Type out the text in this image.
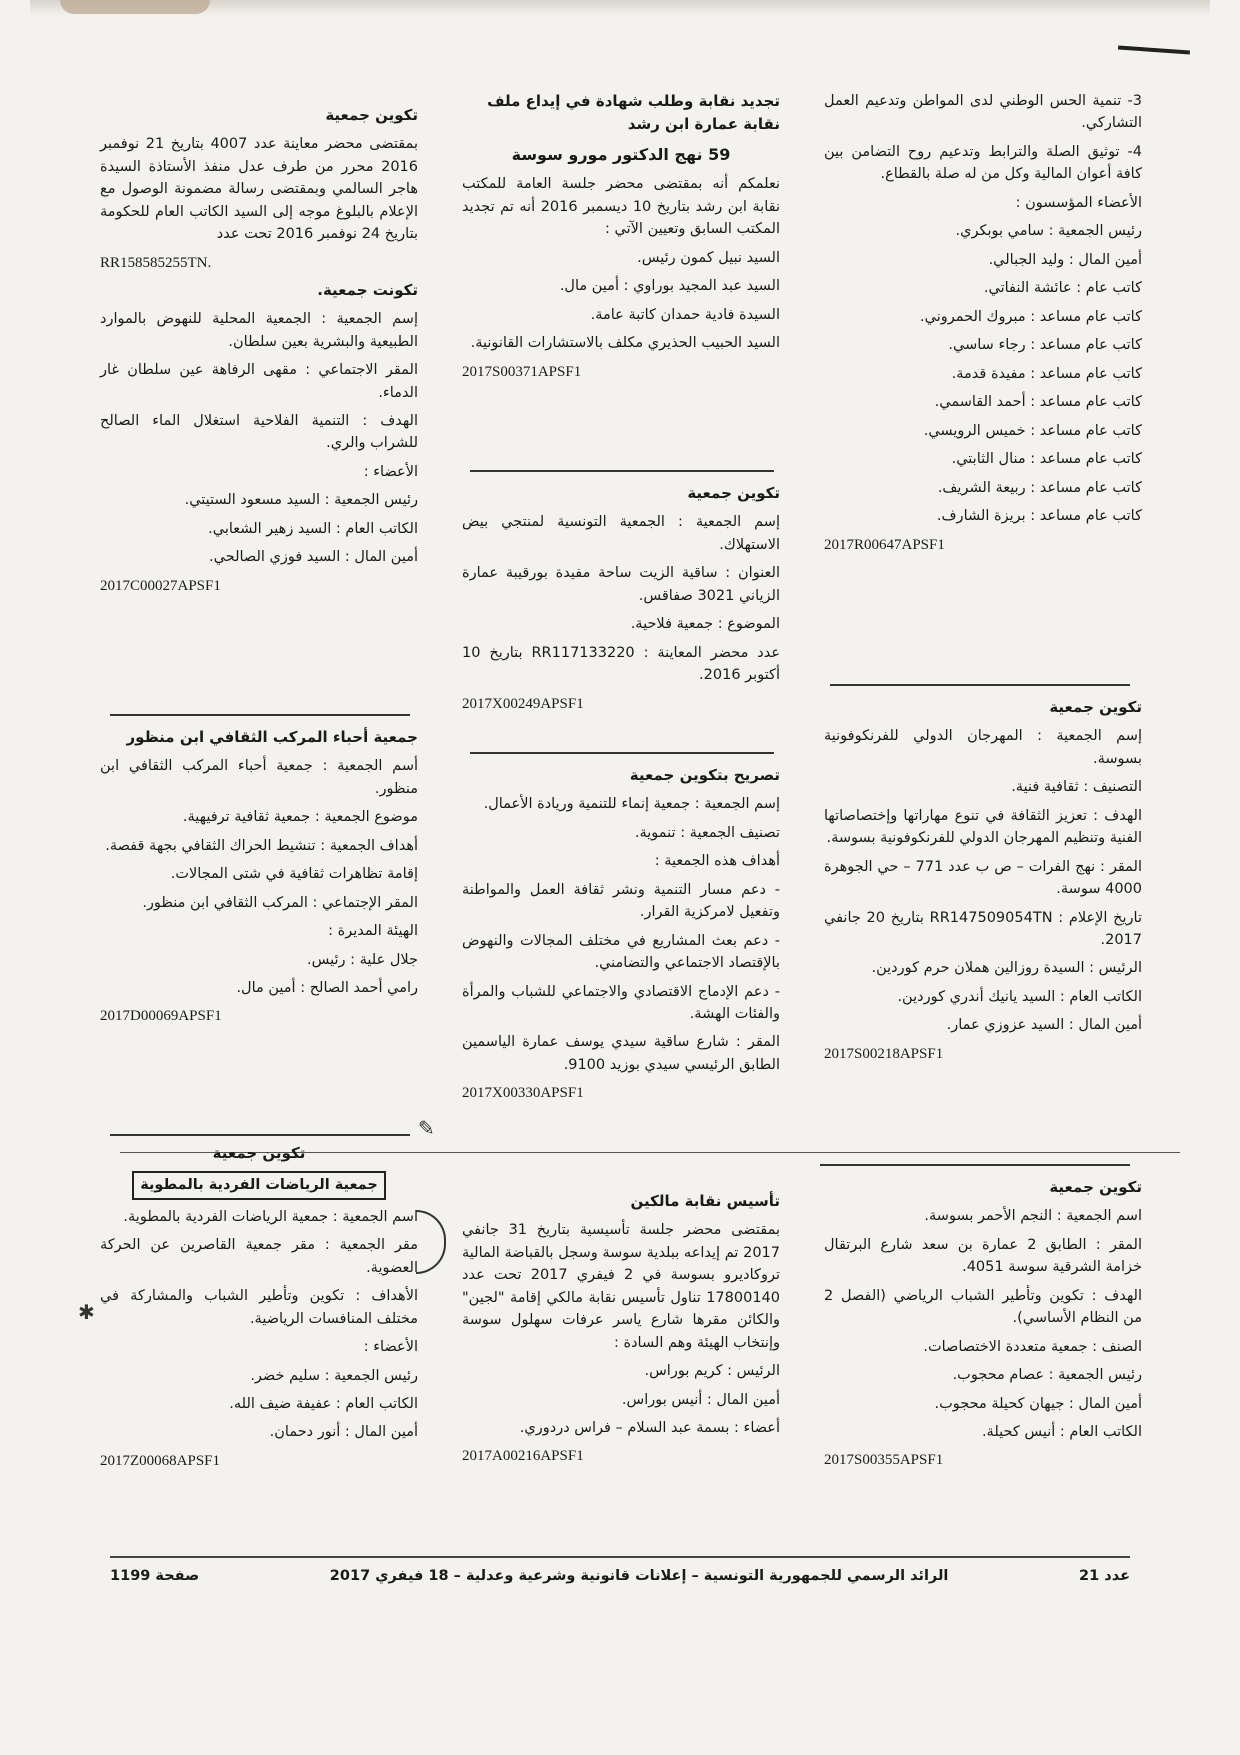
3- تنمية الحس الوطني لدى المواطن وتدعيم العمل التشاركي.

4- توثيق الصلة والترابط وتدعيم روح التضامن بين كافة أعوان المالية وكل من له صلة بالقطاع.

الأعضاء المؤسسون :

رئيس الجمعية : سامي بوبكري.

أمين المال : وليد الجبالي.

كاتب عام : عائشة النفاتي.

كاتب عام مساعد : مبروك الحمروني.

كاتب عام مساعد : رجاء ساسي.

كاتب عام مساعد : مفيدة قدمة.

كاتب عام مساعد : أحمد القاسمي.

كاتب عام مساعد : خميس الرويسي.

كاتب عام مساعد : منال الثابتي.

كاتب عام مساعد : ربيعة الشريف.

كاتب عام مساعد : بريزة الشارف.

2017R00647APSF1

تكوين جمعية

إسم الجمعية : المهرجان الدولي للفرنكوفونية بسوسة.

التصنيف : ثقافية فنية.

الهدف : تعزيز الثقافة في تنوع مهاراتها وإختصاصاتها الفنية وتنظيم المهرجان الدولي للفرنكوفونية بسوسة.

المقر : نهج الفرات – ص ب عدد 771 – حي الجوهرة 4000 سوسة.

تاريخ الإعلام : RR147509054TN بتاريخ 20 جانفي 2017.

الرئيس : السيدة روزالين هملان حرم كوردين.

الكاتب العام : السيد يانيك أندري كوردين.

أمين المال : السيد عزوزي عمار.

2017S00218APSF1

تكوين جمعية

اسم الجمعية : النجم الأحمر بسوسة.

المقر : الطابق 2 عمارة بن سعد شارع البرتقال خزامة الشرقية سوسة 4051.

الهدف : تكوين وتأطير الشباب الرياضي (الفصل 2 من النظام الأساسي).

الصنف : جمعية متعددة الاختصاصات.

رئيس الجمعية : عصام محجوب.

أمين المال : جيهان كحيلة محجوب.

الكاتب العام : أنيس كحيلة.

2017S00355APSF1

تجديد نقابة وطلب شهادة في إيداع ملف نقابة عمارة ابن رشد

59 نهج الدكتور مورو سوسة

نعلمكم أنه بمقتضى محضر جلسة العامة للمكتب نقابة ابن رشد بتاريخ 10 ديسمبر 2016 أنه تم تجديد المكتب السابق وتعيين الآتي :

السيد نبيل كمون رئيس.

السيد عبد المجيد بوراوي : أمين مال.

السيدة فادية حمدان كاتبة عامة.

السيد الحبيب الحذيري مكلف بالاستشارات القانونية.

2017S00371APSF1

تكوين جمعية

إسم الجمعية : الجمعية التونسية لمنتجي بيض الاستهلاك.

العنوان : ساقية الزيت ساحة مفيدة بورقيبة عمارة الزياني 3021 صفاقس.

الموضوع : جمعية فلاحية.

عدد محضر المعاينة : RR117133220 بتاريخ 10 أكتوبر 2016.

2017X00249APSF1

تصريح بتكوين جمعية

إسم الجمعية : جمعية إنماء للتنمية وريادة الأعمال.

تصنيف الجمعية : تنموية.

أهداف هذه الجمعية :

- دعم مسار التنمية ونشر ثقافة العمل والمواطنة وتفعيل لامركزية القرار.

- دعم بعث المشاريع في مختلف المجالات والنهوض بالإقتصاد الاجتماعي والتضامني.

- دعم الإدماج الاقتصادي والاجتماعي للشباب والمرأة والفئات الهشة.

المقر : شارع ساقية سيدي يوسف عمارة الياسمين الطابق الرئيسي سيدي بوزيد 9100.

2017X00330APSF1

تأسيس نقابة مالكين

بمقتضى محضر جلسة تأسيسية بتاريخ 31 جانفي 2017 تم إيداعه ببلدية سوسة وسجل بالقباضة المالية تروكاديرو بسوسة في 2 فيفري 2017 تحت عدد 17800140 تناول تأسيس نقابة مالكي إقامة "لجين" والكائن مقرها شارع ياسر عرفات سهلول سوسة وإنتخاب الهيئة وهم السادة :

الرئيس : كريم بوراس.

أمين المال : أنيس بوراس.

أعضاء : بسمة عبد السلام – فراس دردوري.

2017A00216APSF1

تكوين جمعية

بمقتضى محضر معاينة عدد 4007 بتاريخ 21 نوفمبر 2016 محرر من طرف عدل منفذ الأستاذة السيدة هاجر السالمي وبمقتضى رسالة مضمونة الوصول مع الإعلام بالبلوغ موجه إلى السيد الكاتب العام للحكومة بتاريخ 24 نوفمبر 2016 تحت عدد

RR158585255TN.

تكونت جمعية.

إسم الجمعية : الجمعية المحلية للنهوض بالموارد الطبيعية والبشرية بعين سلطان.

المقر الاجتماعي : مقهى الرفاهة عين سلطان غار الدماء.

الهدف : التنمية الفلاحية استغلال الماء الصالح للشراب والري.

الأعضاء :

رئيس الجمعية : السيد مسعود الستيتي.

الكاتب العام : السيد زهير الشعابي.

أمين المال : السيد فوزي الصالحي.

2017C00027APSF1

جمعية أحباء المركب الثقافي ابن منظور

أسم الجمعية : جمعية أحباء المركب الثقافي ابن منظور.

موضوع الجمعية : جمعية ثقافية ترفيهية.

أهداف الجمعية : تنشيط الحراك الثقافي بجهة قفصة.

إقامة تظاهرات ثقافية في شتى المجالات.

المقر الإجتماعي : المركب الثقافي ابن منظور.

الهيئة المديرة :

جلال علية : رئيس.

رامي أحمد الصالح : أمين مال.

2017D00069APSF1

✎

تكوين جمعية

جمعية الرياضات الفردية بالمطوية

اسم الجمعية : جمعية الرياضات الفردية بالمطوية.

مقر الجمعية : مقر جمعية القاصرين عن الحركة العضوية.

الأهداف : تكوين وتأطير الشباب والمشاركة في مختلف المنافسات الرياضية.

الأعضاء :

رئيس الجمعية : سليم خضر.

الكاتب العام : عفيفة ضيف الله.

أمين المال : أنور دحمان.

2017Z00068APSF1

✱
عدد 21
الرائد الرسمي للجمهورية التونسية – إعلانات قانونية وشرعية وعدلية – 18 فيفري 2017
صفحة 1199
